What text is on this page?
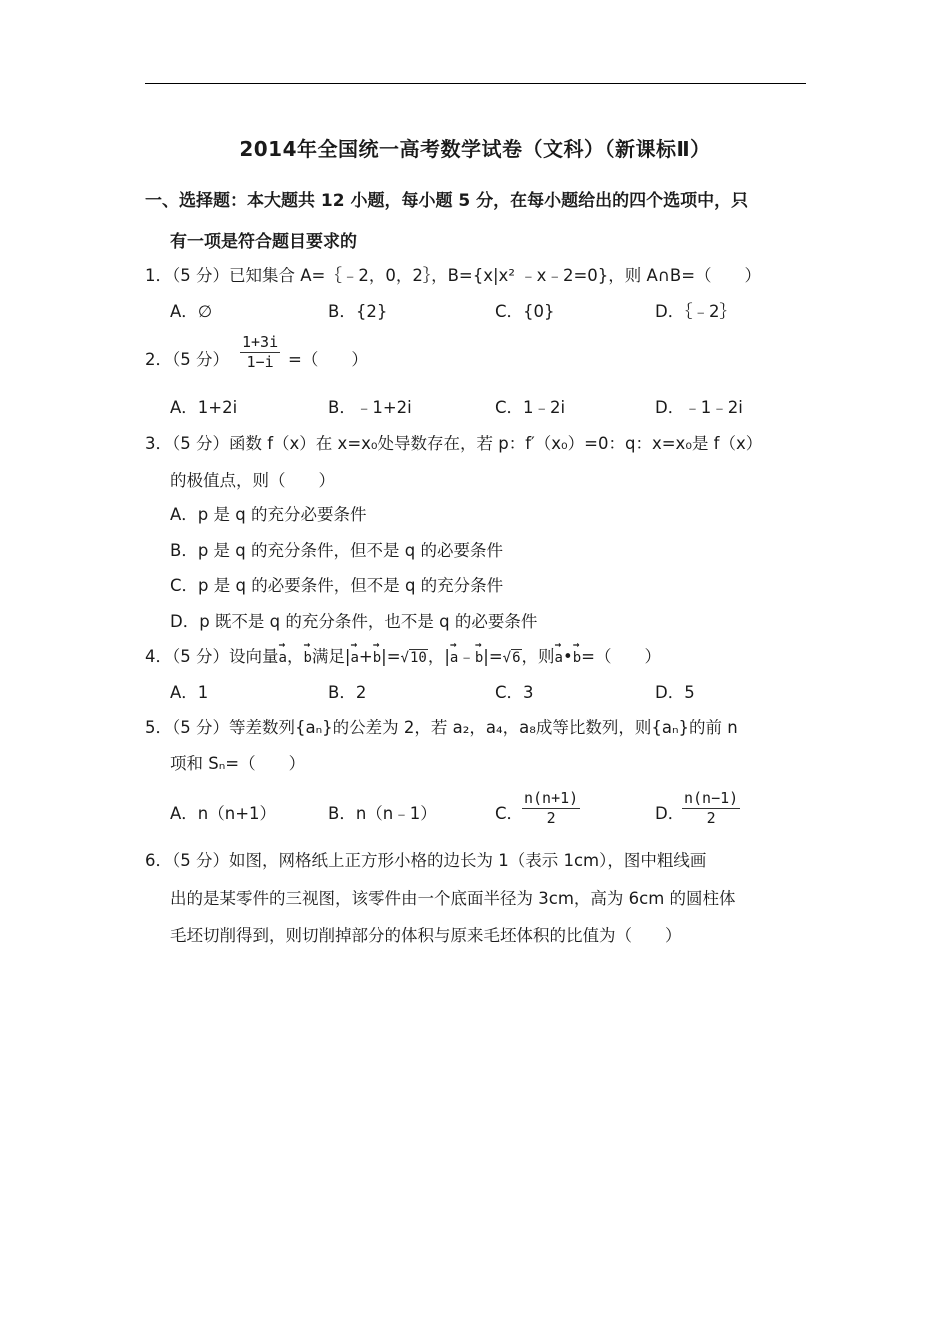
2014年全国统一高考数学试卷（文科）（新课标Ⅱ）
一、选择题：本大题共 12 小题，每小题 5 分，在每小题给出的四个选项中，只
有一项是符合题目要求的
1．（5 分）已知集合 A=｛﹣2，0，2｝，B={x|x² ﹣x﹣2=0}，则 A∩B=（　　）
A．∅	B．{2}	C．{0}	D．｛﹣2｝
2．（5 分） $\frac{1+3i}{1-i}$ =（　　）
A．1+2i	B．﹣1+2i	C．1﹣2i	D．﹣1﹣2i
3．（5 分）函数 f（x）在 x=x₀处导数存在，若 p：f′（x₀）=0：q：x=x₀是 f（x）
的极值点，则（　　）
A．p 是 q 的充分必要条件
B．p 是 q 的充分条件，但不是 q 的必要条件
C．p 是 q 的必要条件，但不是 q 的充分条件
D．p 既不是 q 的充分条件，也不是 q 的必要条件
4．（5 分）设向量→ a，→ b满足|→ a+→ b|=√10，|→ a﹣→ b|=√6，则→ a•→ b=（　　）
A．1	B．2	C．3	D．5
5．（5 分）等差数列{aₙ}的公差为 2，若 a₂，a₄，a₈成等比数列，则{aₙ}的前 n
项和 Sₙ=（　　）
A．n（n+1）	B．n（n﹣1）	C．
$\frac{n(n+1)}{2}$	D．
$\frac{n(n-1)}{2}$
6．（5 分）如图，网格纸上正方形小格的边长为 1（表示 1cm），图中粗线画
出的是某零件的三视图，该零件由一个底面半径为 3cm，高为 6cm 的圆柱体
毛坯切削得到，则切削掉部分的体积与原来毛坯体积的比值为（　　）
